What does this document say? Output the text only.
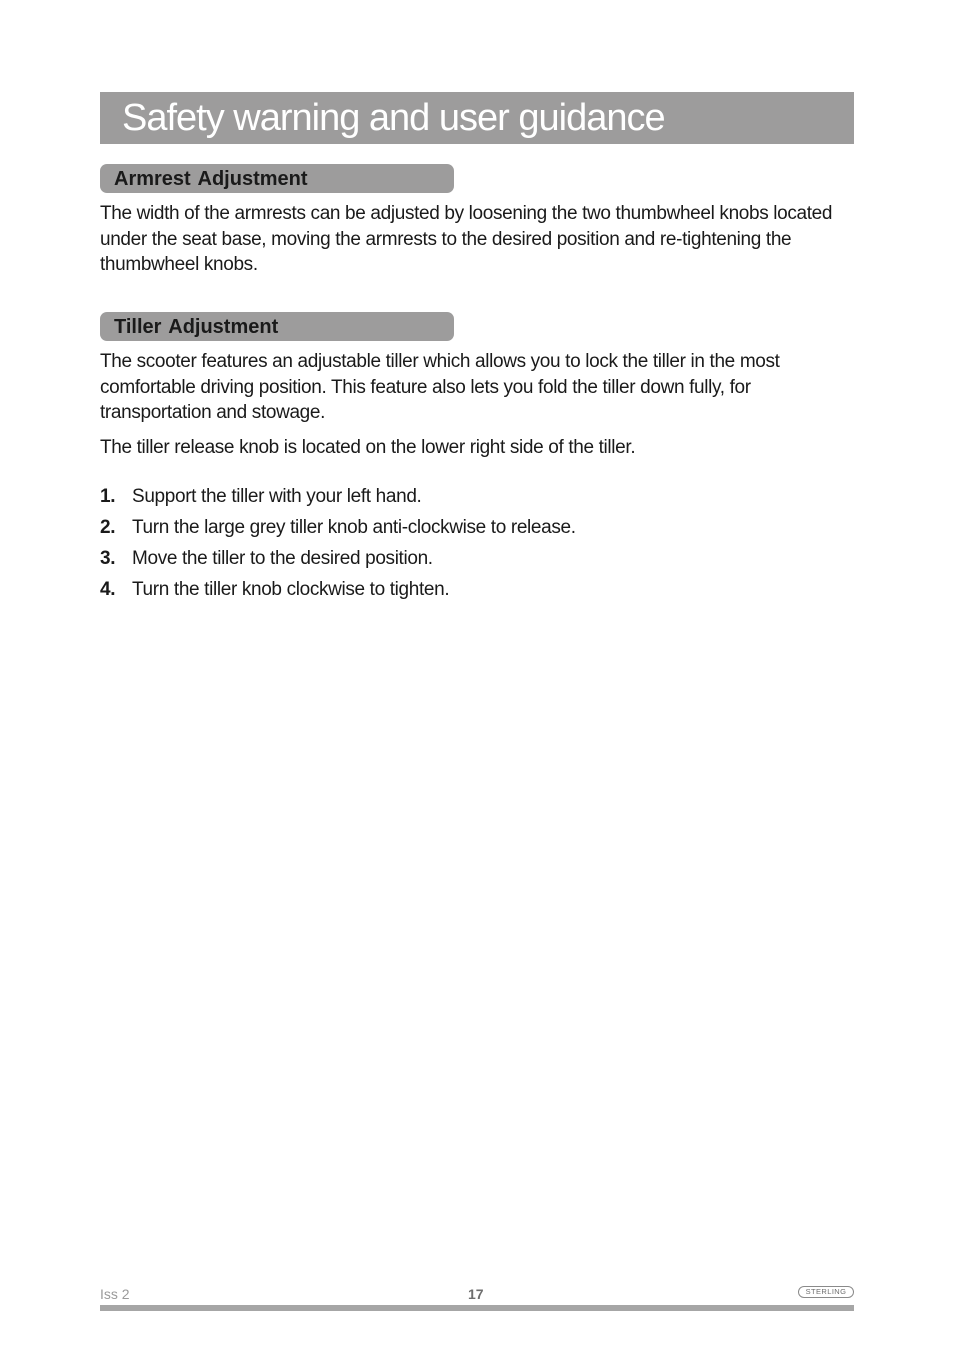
Safety warning and user guidance
Armrest Adjustment

The width of the armrests can be adjusted by loosening the two thumbwheel knobs located under the seat base, moving the armrests to the desired position and re-tightening the thumbwheel knobs.

Tiller Adjustment

The scooter features an adjustable tiller which allows you to lock the tiller in the most comfortable driving position. This feature also lets you fold the tiller down fully, for transportation and stowage.

The tiller release knob is located on the lower right side of the tiller.

1. Support the tiller with your left hand.
2. Turn the large grey tiller knob anti-clockwise to release.
3. Move the tiller to the desired position.
4. Turn the tiller knob clockwise to tighten.
Iss 2	17	STERLING
